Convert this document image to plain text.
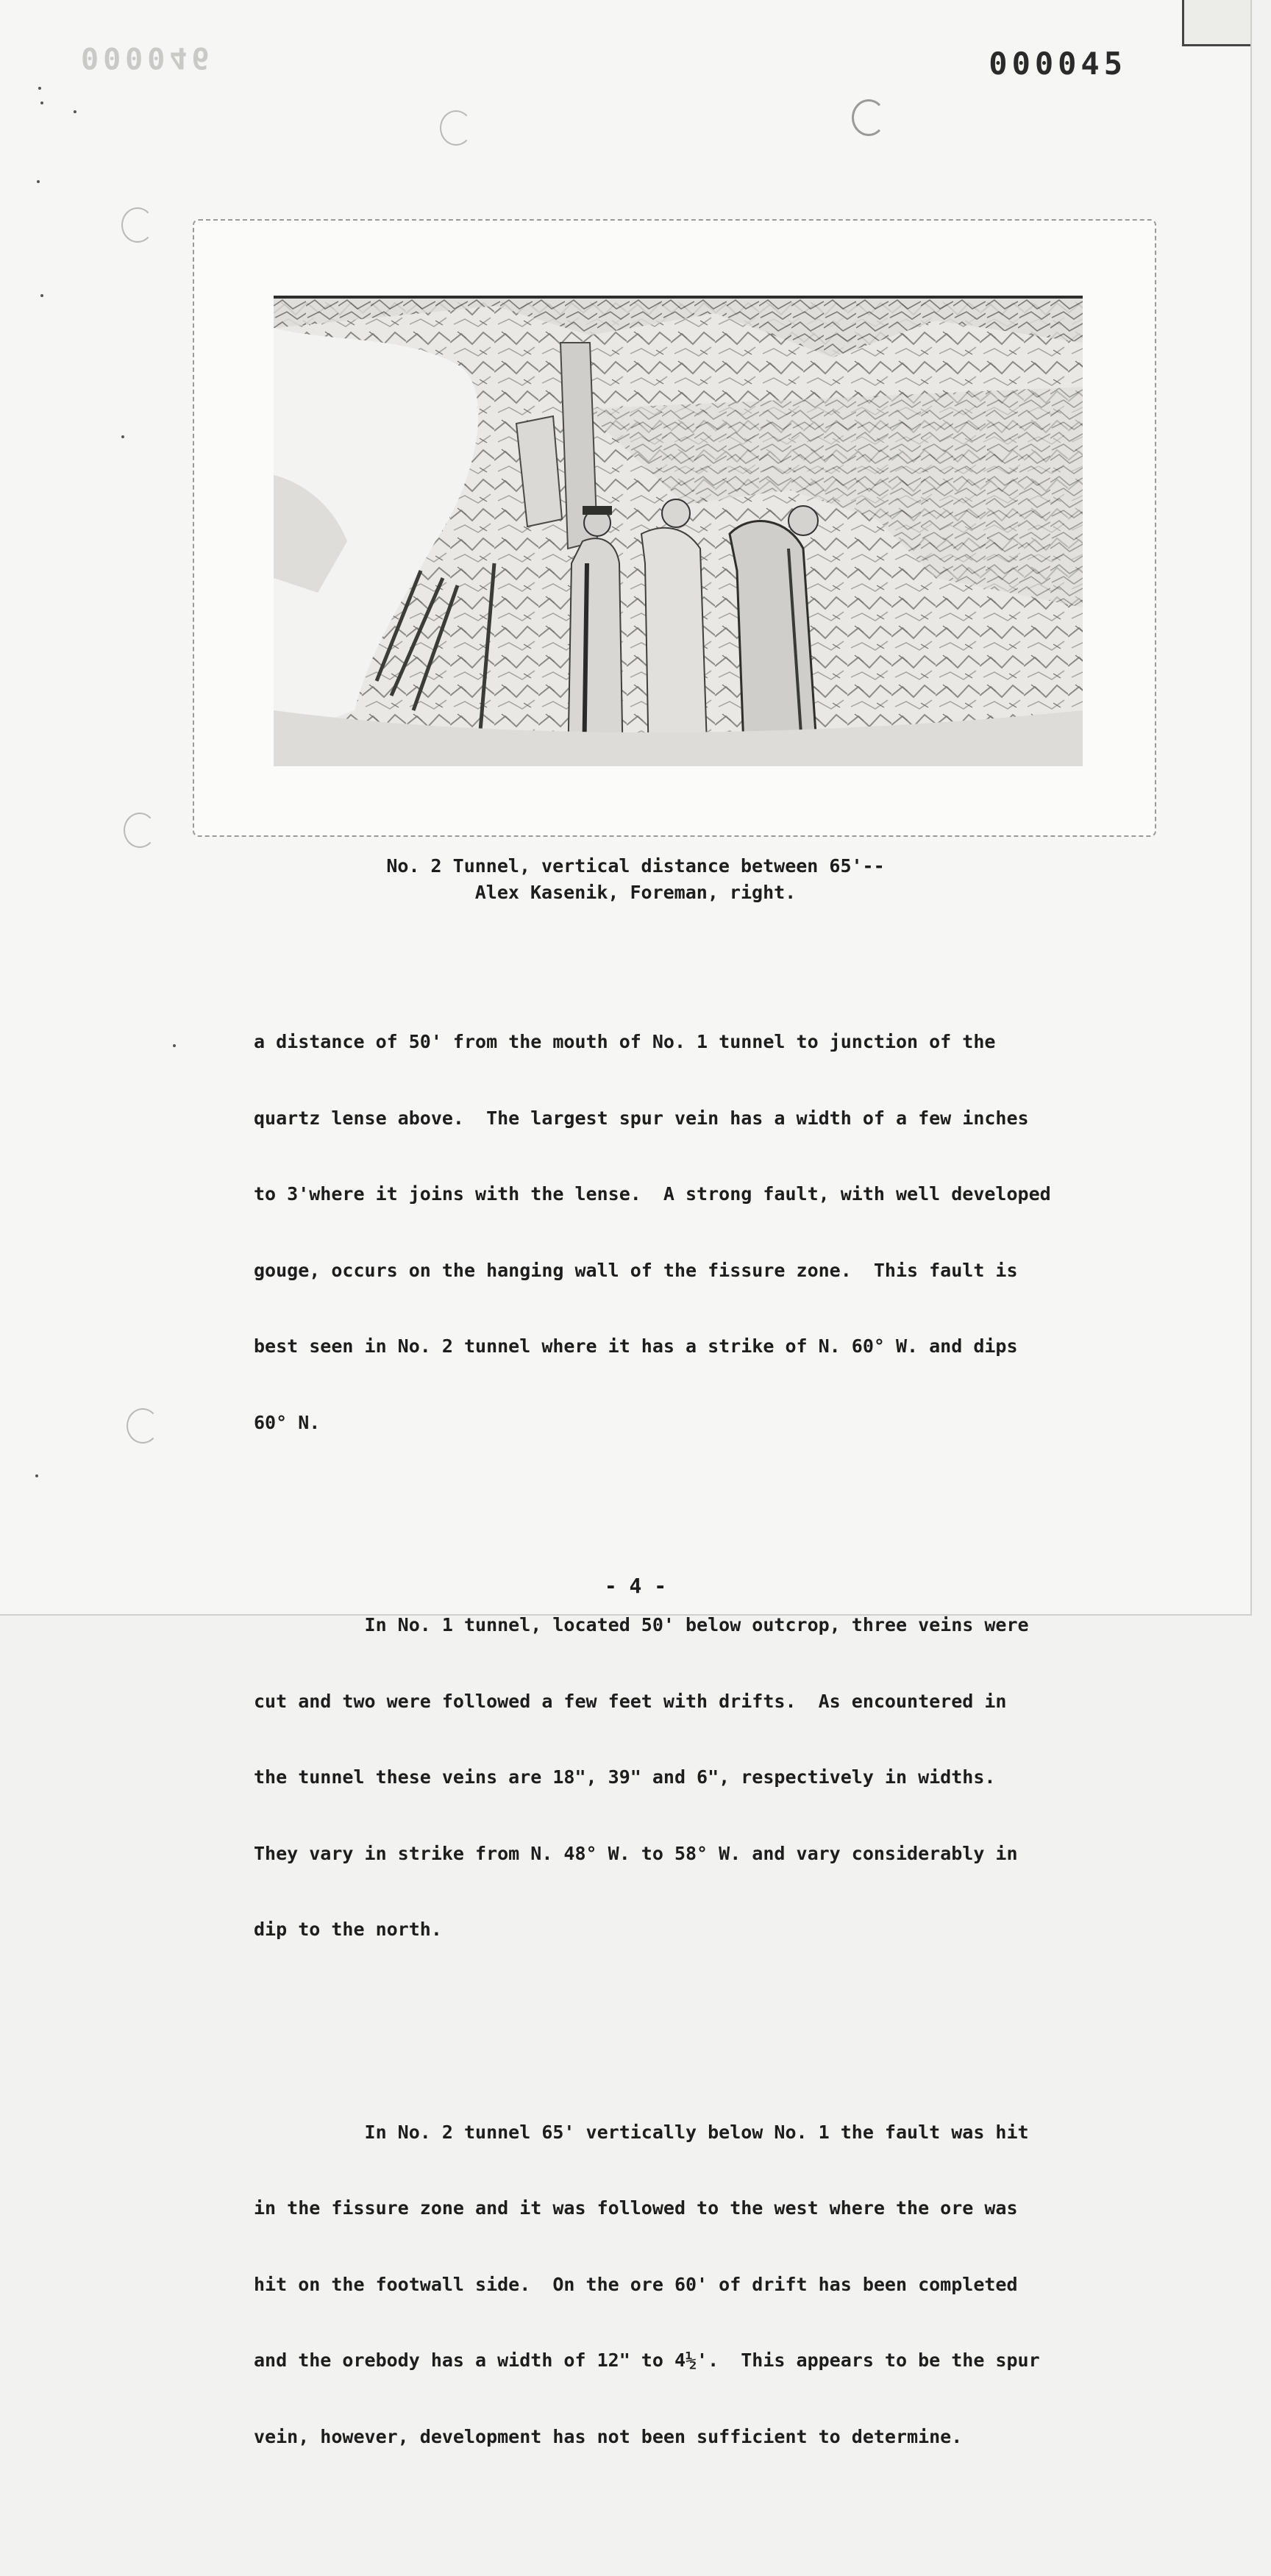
000046	000045
No. 2 Tunnel, vertical distance between 65'--
Alex Kasenik, Foreman, right.

a distance of 50' from the mouth of No. 1 tunnel to junction of the

quartz lense above.  The largest spur vein has a width of a few inches

to 3'where it joins with the lense.  A strong fault, with well developed

gouge, occurs on the hanging wall of the fissure zone.  This fault is

best seen in No. 2 tunnel where it has a strike of N. 60° W. and dips

60° N.

In No. 1 tunnel, located 50' below outcrop, three veins were

cut and two were followed a few feet with drifts.  As encountered in

the tunnel these veins are 18", 39" and 6", respectively in widths.

They vary in strike from N. 48° W. to 58° W. and vary considerably in

dip to the north.

In No. 2 tunnel 65' vertically below No. 1 the fault was hit

in the fissure zone and it was followed to the west where the ore was

hit on the footwall side.  On the ore 60' of drift has been completed

and the orebody has a width of 12" to 4½'.  This appears to be the spur

vein, however, development has not been sufficient to determine.

- 4 -
